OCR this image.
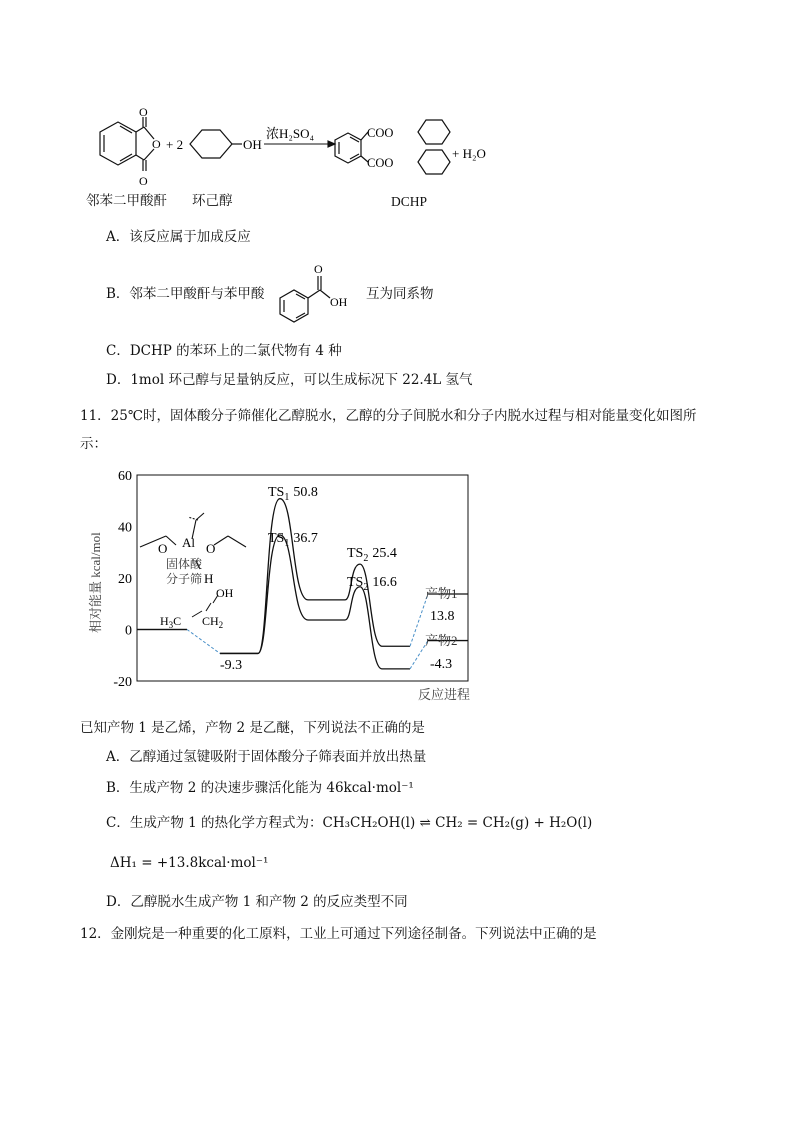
O
O
O
+ 2	OH
浓H₂SO₄	COO
COO
+ H₂O
邻苯二甲酸酐 环己醇	DCHP
A．该反应属于加成反应
B．邻苯二甲酸酐与苯甲酸
O
OH 互为同系物
C．DCHP 的苯环上的二氯代物有 4 种
D．1mol 环己醇与足量钠反应，可以生成标况下 22.4L 氢气
11．25℃时，固体酸分子筛催化乙醇脱水，乙醇的分子间脱水和分子内脱水过程与相对能量变化如图所
示：
60
40
20
0
-20
相对能量 kcal/mol
反应进程
Al
O	O
固体酸
分子筛 H
$H_3C$ $CH_2$
OH
$TS_1$ 50.8
$TS_1$ 36.7
$TS_2$ 25.4
$TS_2$ 16.6
-9.3
产物1
13.8
产物2
-4.3
已知产物 1 是乙烯，产物 2 是乙醚，下列说法不正确的是
A．乙醇通过氢键吸附于固体酸分子筛表面并放出热量
B．生成产物 2 的决速步骤活化能为 46kcal·mol⁻¹
C．生成产物 1 的热化学方程式为：CH₃CH₂OH(l) ⇌ CH₂ = CH₂(g) + H₂O(l)
ΔH₁ = +13.8kcal·mol⁻¹
D．乙醇脱水生成产物 1 和产物 2 的反应类型不同
12．金刚烷是一种重要的化工原料，工业上可通过下列途径制备。下列说法中正确的是
